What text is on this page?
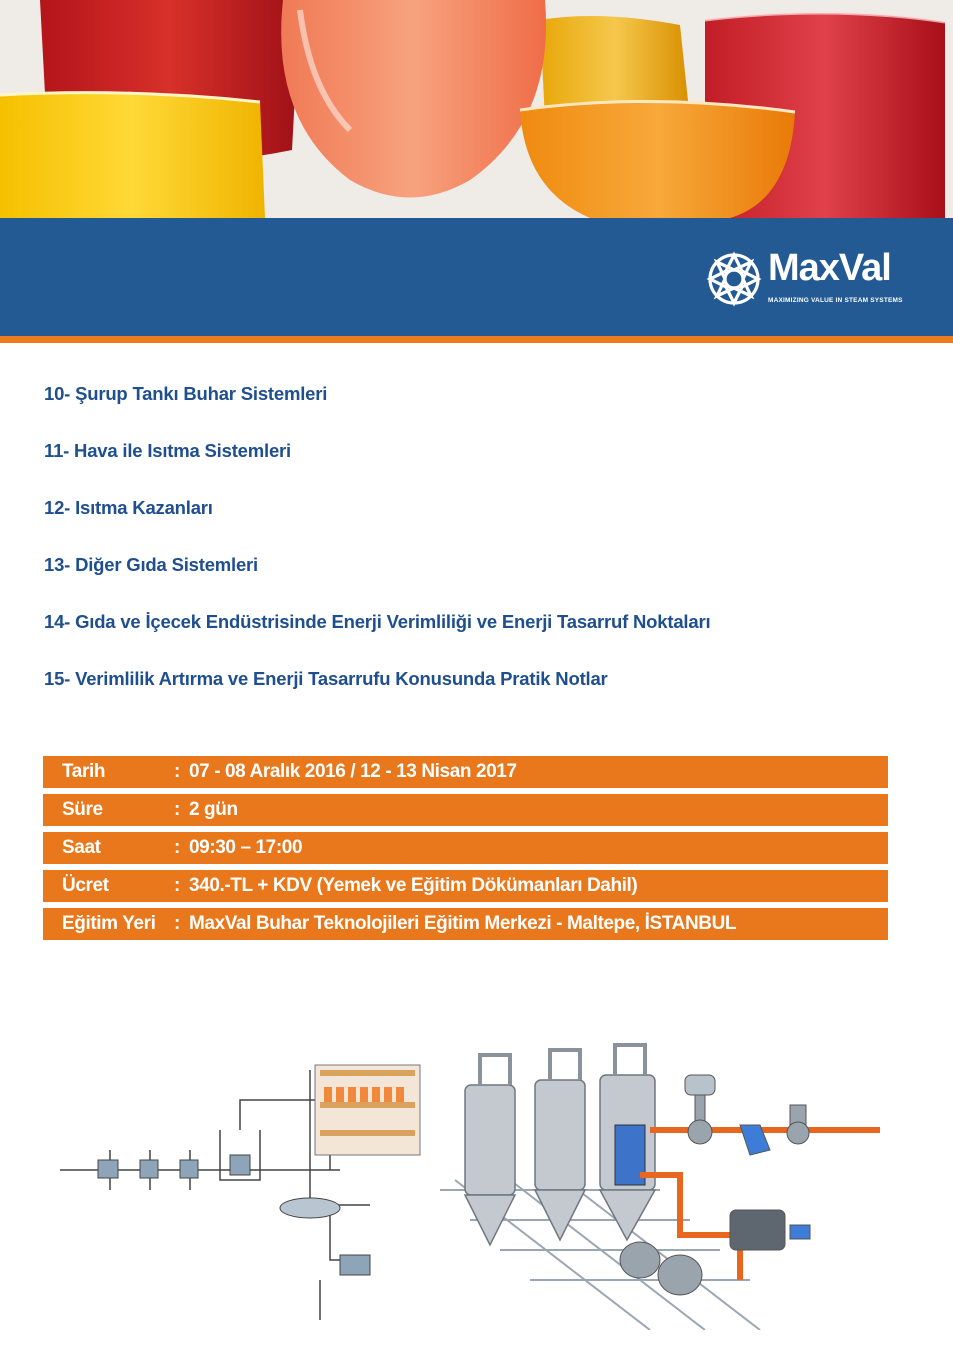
MaxVal
MAXIMIZING VALUE IN STEAM SYSTEMS
10- Şurup Tankı Buhar Sistemleri
11- Hava ile Isıtma Sistemleri
12- Isıtma Kazanları
13- Diğer Gıda Sistemleri
14- Gıda ve İçecek Endüstrisinde Enerji Verimliliği ve Enerji Tasarruf Noktaları
15- Verimlilik Artırma ve Enerji Tasarrufu Konusunda Pratik Notlar
Tarih	: 07 - 08 Aralık 2016 / 12 - 13 Nisan 2017
Süre	: 2 gün
Saat	: 09:30 – 17:00
Ücret	: 340.-TL + KDV (Yemek ve Eğitim Dökümanları Dahil)
Eğitim Yeri : MaxVal Buhar Teknolojileri Eğitim Merkezi - Maltepe, İSTANBUL
